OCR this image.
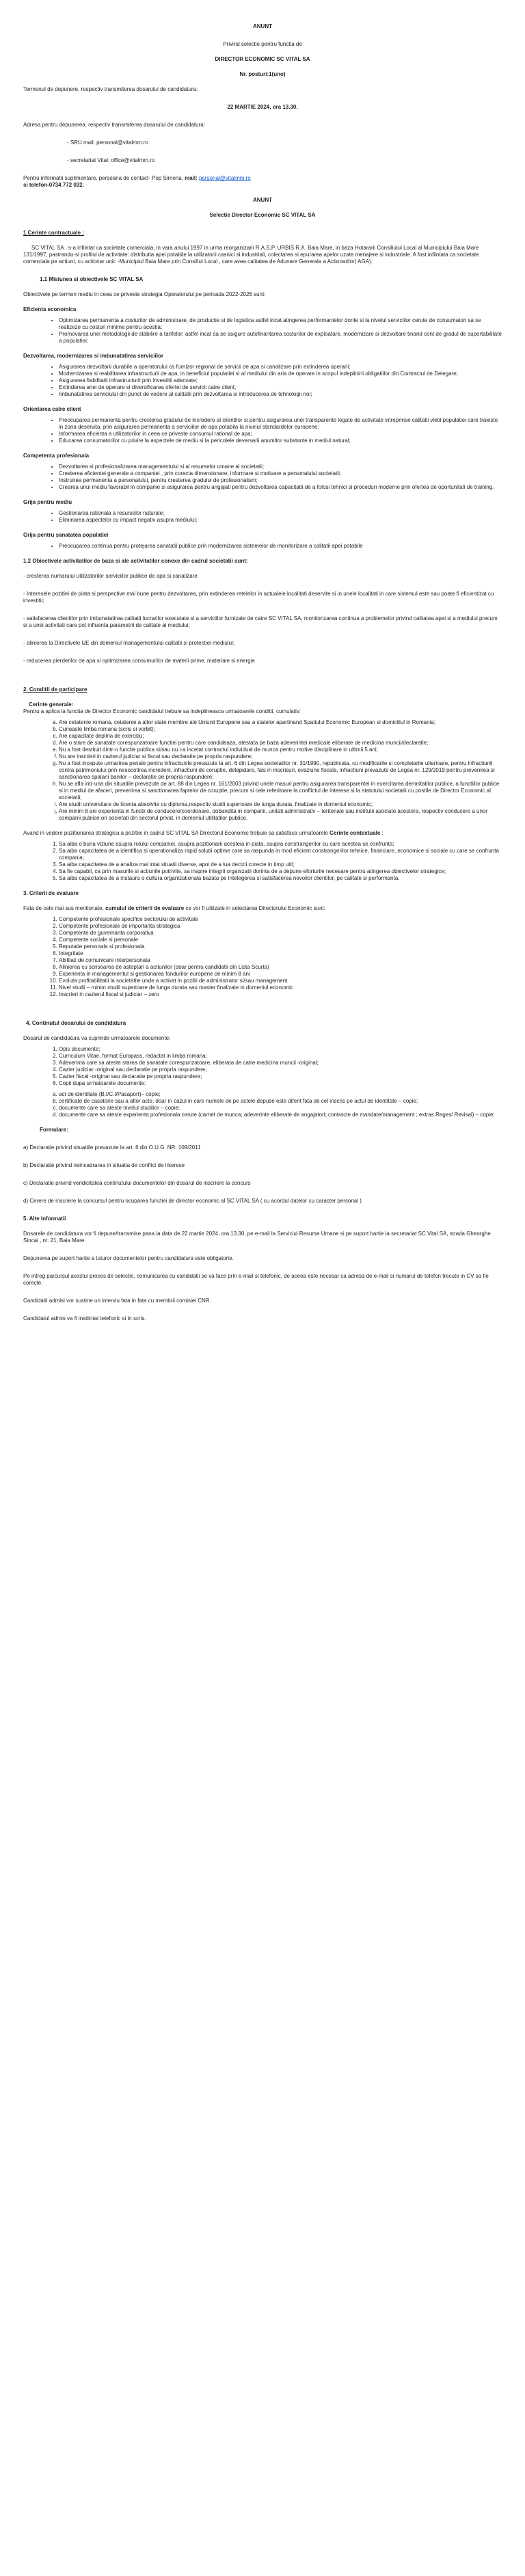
ANUNT

Privind selectie pentru functia de

DIRECTOR ECONOMIC SC VITAL SA

Nr. posturi:1(uno)

Termenul de depunere, respectiv transmiterea dosarului de candidatura:

22 MARTIE 2024, ora 13.30.

Adresa pentru depunerea, respectiv transmiterea dosarului de candidatura:

- SRU mail: personal@vitalmm.ro

- secretariat Vital: office@vitalmm.ro

Pentru informatii suplimentare, persoana de contact- Pop Simona, mail: personal@vitalmm.ro

si telefon-0734 772 032.

ANUNT

Selectie Director Economic SC VITAL SA

1.Cerinte contractuale :

SC VITAL SA , s-a infiintat ca societate comerciala, in vara anului 1997 in urma reorganizarii R.A.S.P. URBIS R.A. Baia Mare, in baza Hotararii Consiliului Local al Municipiului Baia Mare 131/1997, pastrandu-si profilul de activitate: distributia apei potabile la utilizatorii casnici si industriali, colectarea si epurarea apelor uzate menajere si industriale. A fost infiintata ca societate comerciala pe actiuni, cu actionar unic -Municipiul Baia Mare prin Consiliul Local , care avea calitatea de Adunare Generala a Actionarilor( AGA).

1.1 Misiunea si obiectivele SC VITAL SA

Obiectivele pe termen mediu in ceea ce priveste strategia Operatorului pe perioada 2022-2026 sunt:

Eficienta economica

• Optimizarea permanenta a costurilor de administrare, de productie si de logistica astfel incat atingerea performantelor dorite si la nivelul serviciilor cerute de consumatori sa se realizeze cu costuri minime pentru acestia;
• Promovarea unei metodologii de stabilire a tarifelor; astfel incat sa se asigure autofinantarea costurilor de exploatare, modernizare si dezvoltare tinand cont de gradul de suportabilitate a populatiei;

Dezvoltarea, modernizarea si imbunatatirea serviciilor

• Asigurarea dezvoltarii durabile a operatorului ca furnizor regional de servicii de apa si canalizare prin extinderea operarii;
• Modernizarea si reabilitarea infrastructurii de apa, in beneficiul populatiei si al mediului din aria de operare in scopul indeplinirii obligatiilor din Contractul de Delegare;
• Asigurarea fiabilitatii infrastructurii prin investitii adecvate;
• Extinderea ariei de operare si diversificarea ofertei de servicii catre client;
• Imbunatatirea serviciului din punct de vedere al calitatii prin dezvoltarea si introducerea de tehnologii noi;

Orientarea catre client

• Preocuparea permanenta pentru cresterea gradului de incredere al clientilor si pentru asigurarea unei transparente legate de activitate intreprinse calitatii vietii populatiei care traieste in zona deservita, prin asigurarea permanenta a serviciilor de apa potabila la nivelul standardelor europene;
• Informarea eficienta a utilizatorilor in ceea ce priveste consumul rational de apa;
• Educarea consumatorilor cu privire la aspectele de mediu si la pericolele deversarii anumitor substante in mediul natural;

Competenta profesionala

• Dezvoltarea si profesionalizarea managementului si al resurselor umane al societatii;
• Cresterea eficientei generale a companiei , prin corecta dimensionare, informare si motivare a personalului societatii;
• Instruirea permanenta a personalului, pentru cresterea gradului de profesionalism;
• Crearea unui mediu favorabil in companie si asigurarea pentru angajati pentru dezvoltarea capacitatii de a folosi tehnici si proceduri moderne prin ofertea de oportunitati de training.

Grija pentru mediu

• Gestionarea rationala a resurselor naturale;
• Eliminarea aspectelor cu impact negativ asupra mediului;

Grija pentru sanatatea populatiei

• Preocuparea continua pentru protejarea sanatatii publice prin modernizarea sistemelor de monitorizare a calitatii apei potabile

1.2 Obiectivele activitatilor de baza si ale activitatilor conexe din cadrul societatii sunt:

- cresterea numarului utilizatorilor serviciilor publice de apa si canalizare

- Interesele pozitiei de piata si perspective mai bune pentru dezvoltarea, prin extinderea retelelor in actualele localitati deservite si in unele localitati in care sistemul este sau poate fi eficientizat cu investitii;

- satisfacerea clientilor prin imbunatatirea calitatii lucrarilor executate si a serviciilor furnizate de catre SC VITAL SA, monitorizarea continua a problemelor privind calitatea apei si a mediului precum si a unei activitati care pot influenta parametrii de calitate ai mediului;

- alinierea la Directivele UE din domeniul managementului calitatii si protectiei mediului;

- reducerea pierderilor de apa si optimizarea consumurilor de materii prime, materiale si energie

2. Conditii de participare

Cerinte generale:

Pentru a aplica la functia de Director Economic candidatul trebuie sa indeplineasca urmatoarele conditii, cumulativ:

a. Are cetatenie romana, cetatenie a altor state membre ale Uniunii Europene sau a statelor apartinand Spatiului Economic European si domiciliul in Romania;
b. Cunoaste limba romana (scris si vorbit);
c. Are capacitate deplina de exercitiu;
d. Are o stare de sanatate corespunzatoare functiei pentru care candideaza, atestata pe baza adeverintei medicale eliberate de medicina muncii/declaratie;
e. Nu a fost destituit dintr-o functie publica si/sau nu i-a incetat contractul individual de munca pentru motive disciplinare in ultimii 5 ani;
f. Nu are inscrieri in cazierul judiciar si fiscal sau declaratie pe propria raspundere;
g. Nu a fost incepute urmarirea penale pentru infractiunile prevazute la art. 6 din Legea societatilor nr. 31/1990, republicata, cu modificarile si completarile ulterioare, pentru infractiunil contra patrimoniului prin nesocotirea increderii, infractiuni de coruptie, delapidare, fals in inscrisuri, evaziune fiscala, infractiuni prevazute de Legea nr. 129/2019 pentru prevenirea si sanctionarea spalarii banilor – declaratie pe propria raspundere;
h. Nu se afla intr-una din situatiile prevazute de art. 88 din Legea nr. 161/2003 privind unele masuri pentru asigurarea transparentei in exercitarea demnitatilor publice, a functiilor publice si in mediul de afaceri, prevenirea si sanctionarea faptelor de coruptie, precum si cele referitoare la conflictul de interese si la statutului societatii cu postile de Director Economic al societatii;
i. Are studii universitare de licenta absolvite cu diploma,respectiv studii superioare de lunga durata, finalizate in domeniul economic;
j. Are minim 8 ani experienta in functii de conducere/coordonare, dobandita in companii, unitati administrativ – teritoriale sau institutii asociate acestora, respectiv conducere a unor companii publice ori societati din sectorul privat, in domeniul utilitatilor publice.

Avand in vedere pozitionarea strategica a pozitiei in cadrul SC VITAL SA Directorul Economic trebuie sa satisfaca urmatoarele Cerinte contextuale :

1. Sa aiba o buna viziune asupra rolului companiei, asupra pozitionarii acesteia in piata, asupra constrangerilor cu care acestea se confrunta;
2. Sa aiba capacitatea de a identifica si operationaliza rapid solutii optime care sa raspunda in mod eficient constrangerilor tehnice, financiare, economice si sociale cu care se confrunta compania;
3. Sa aiba capacitatea de a analiza mai intai situatii diverse, apoi de a lua decizii corecte in timp util;
4. Sa fie capabil, ca prin masurile si actiunile potrivite, sa inspire integrii organizatii dorinta de a depune eforturile necesare pentru atingerea obiectivelor strategice;
5. Sa aiba capacitatea de a instaura o cultura organizationala bazata pe intelegerea si satisfacerea nevoilor clientilor, pe calitate si performanta.

3. Criterii de evaluare

Fata de cele mai sus mentionate, cumulul de criterii de evaluare ce vor fi utilizate in selectarea Directorului Economic sunt:

1. Competente profesionale specifice sectorului de activitate
2. Competente profesionale de importanta strategica
3. Competente de guvernanta corporativa
4. Competente sociale si personale
5. Reputatie personala si profesionala
6. Integritate
7. Abilitati de comunicare interpersonala
8. Alinierea cu scrisoarea de asteptari a actiunilor (doar pentru candidatii din Lista Scurta)
9. Experienta in managementul si gestionarea fondurilor europene de minim 8 ani
10. Evoluta profitabilitatii la societatile unde a activat in pozitii de administrator si/sau management
11. Nivel studii – minim studii superioare de lunga durata sau master finalizate in domeniul economic
12. Inscrieri in cazierul fiscal si judiciar – zero

4. Continutul dosarului de candidatura

Dosarul de candidatura va cuprinde urmatoarele documente:

1. Opis documente;
2. Curriculum Vitae, format Europass, redactat in limba romana;
3. Adeverinta care sa ateste starea de sanatate corespunzatoare, eliberata de catre medicina muncii -original;
4. Cazier judiciar -original sau declaratie pe propria raspundere;
5. Cazier fiscal -original sau declaratie pe propria raspundere;
6. Copii dupa urmatoarele documente:
a. act de identitate (B.I/C.I/Pasaport)– copie;
b. certificate de casatorie sau a altor acte, doar in cazul in care numele de pe actele depuse este diferit fata de cel inscris pe actul de identitate – copie;
c. documente care sa ateste nivelul studiilor – copie;
d. documente care sa ateste experienta profesionala cerute (carnet de munca; adeverinte eliberate de angajatori; contracte de mandate/management ; extras Reges/ Revisal) – copie;

Formulare:

a) Declaratie privind situatiile prevazute la art. 6 din O.U.G. NR. 109/2011

b) Declaratie privind neincadrarea in situatia de conflict de interese

c) Declaratie privind veridicitatea continutului documentelor din dosarul de inscriere la concurs

d) Cerere de inscriere la concursul pentru ocuparea functiei de director economic al SC VITAL SA ( cu acordul datelor cu caracter personal )

5. Alte informatii

Dosarele de candidatura vor fi depuse/transmise pana la data de 22 martie 2024, ora 13.30, pe e-mail la Serviciul Resurse Umane si pe suport hartie la secretariat SC Vital SA, strada Gheorghe Sincai , nr. 21, Baia Mare.

Depunerea pe suport hartie a tuturor documentelor pentru candidatura este obligatorie.

Pe intreg parcursul acestui proces de selectie, comunicarea cu candidatii se va face prin e-mail si telefonic, de aceea este necesar ca adresa de e-mail si numarul de telefon trecute in CV sa fie corecte.

Candidatii admisi vor sustine un interviu fata in fata cu membrii comisiei CNR.

Candidatul admis va fi instiintat telefonic si in scris.
